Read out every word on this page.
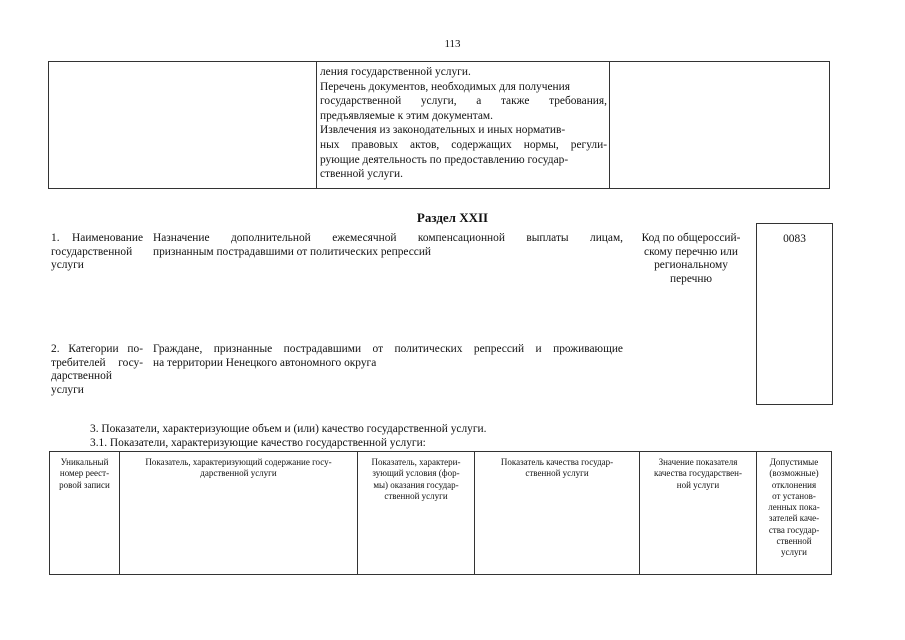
113
ления государственной услуги.
Перечень документов, необходимых для получения
государственной услуги, а также требования,
предъявляемые к этим документам.
Извлечения из законодательных и иных норматив-
ных правовых актов, содержащих нормы, регули-
рующие деятельность по предоставлению государ-
ственной услуги.
Раздел XXII
1. Наименование
государственной
услуги
Назначение дополнительной ежемесячной компенсационной выплаты лицам,
признанным пострадавшими от политических репрессий
Код по общероссий-
скому перечню или
региональному
перечню
0083
2. Категории по-
требителей госу-
дарственной
услуги
Граждане, признанные пострадавшими от политических репрессий и проживающие
на территории Ненецкого автономного округа
3. Показатели, характеризующие объем и (или) качество государственной услуги.
3.1. Показатели, характеризующие качество государственной услуги:
Уникальный
номер реест-
ровой записи
Показатель, характеризующий содержание госу-
дарственной услуги
Показатель, характери-
зующий условия (фор-
мы) оказания государ-
ственной услуги
Показатель качества государ-
ственной услуги
Значение показателя
качества государствен-
ной услуги
Допустимые
(возможные)
отклонения
от установ-
ленных пока-
зателей каче-
ства государ-
ственной
услуги
